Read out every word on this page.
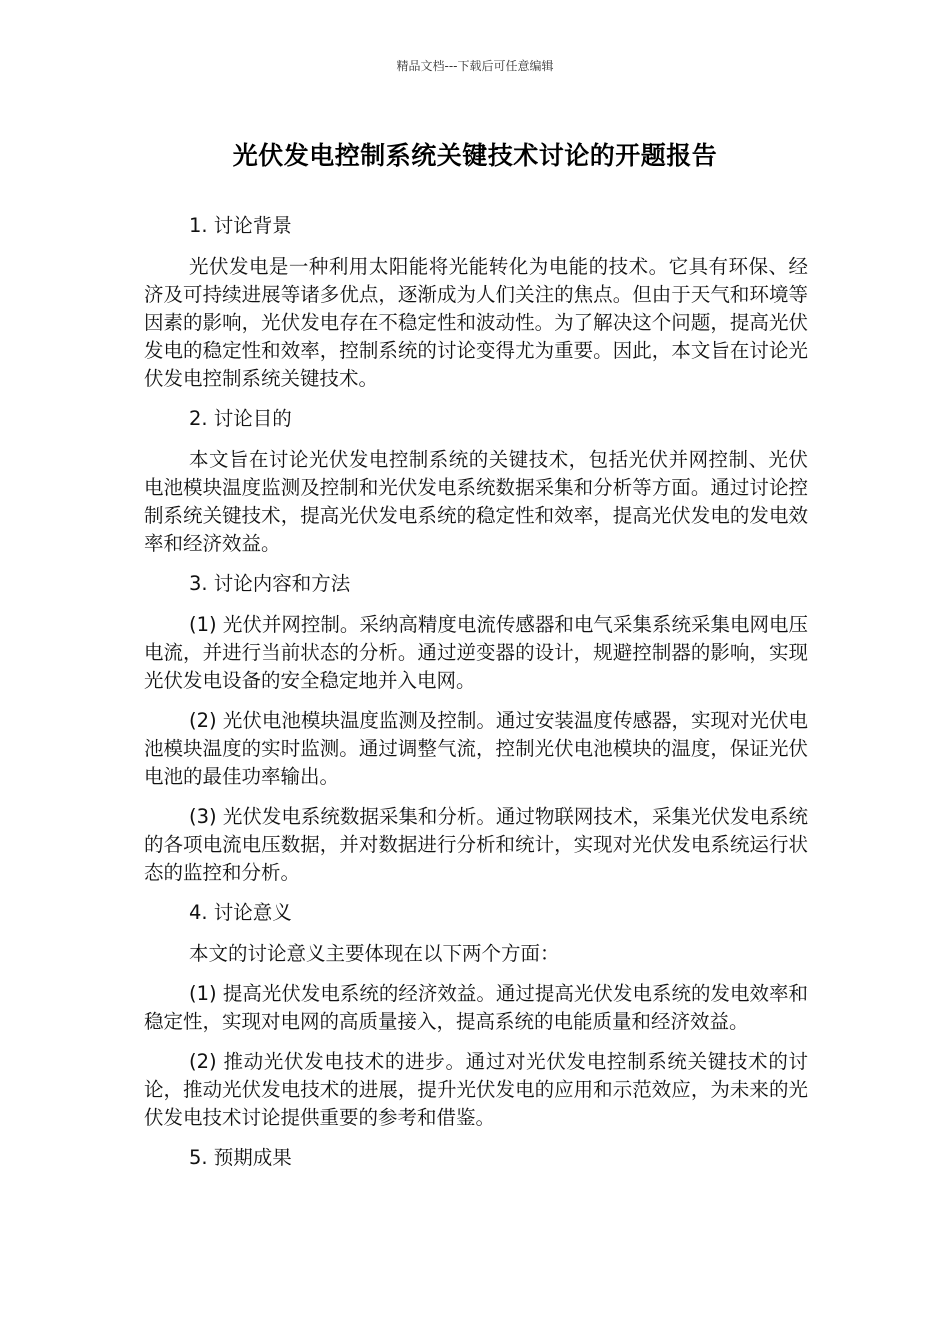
精品文档---下载后可任意编辑
光伏发电控制系统关键技术讨论的开题报告

1. 讨论背景

光伏发电是一种利用太阳能将光能转化为电能的技术。它具有环保、经济及可持续进展等诸多优点，逐渐成为人们关注的焦点。但由于天气和环境等因素的影响，光伏发电存在不稳定性和波动性。为了解决这个问题，提高光伏发电的稳定性和效率，控制系统的讨论变得尤为重要。因此，本文旨在讨论光伏发电控制系统关键技术。

2. 讨论目的

本文旨在讨论光伏发电控制系统的关键技术，包括光伏并网控制、光伏电池模块温度监测及控制和光伏发电系统数据采集和分析等方面。通过讨论控制系统关键技术，提高光伏发电系统的稳定性和效率，提高光伏发电的发电效率和经济效益。

3. 讨论内容和方法

(1) 光伏并网控制。采纳高精度电流传感器和电气采集系统采集电网电压电流，并进行当前状态的分析。通过逆变器的设计，规避控制器的影响，实现光伏发电设备的安全稳定地并入电网。

(2) 光伏电池模块温度监测及控制。通过安装温度传感器，实现对光伏电池模块温度的实时监测。通过调整气流，控制光伏电池模块的温度，保证光伏电池的最佳功率输出。

(3) 光伏发电系统数据采集和分析。通过物联网技术，采集光伏发电系统的各项电流电压数据，并对数据进行分析和统计，实现对光伏发电系统运行状态的监控和分析。

4. 讨论意义

本文的讨论意义主要体现在以下两个方面：

(1) 提高光伏发电系统的经济效益。通过提高光伏发电系统的发电效率和稳定性，实现对电网的高质量接入，提高系统的电能质量和经济效益。

(2) 推动光伏发电技术的进步。通过对光伏发电控制系统关键技术的讨论，推动光伏发电技术的进展，提升光伏发电的应用和示范效应，为未来的光伏发电技术讨论提供重要的参考和借鉴。

5. 预期成果
